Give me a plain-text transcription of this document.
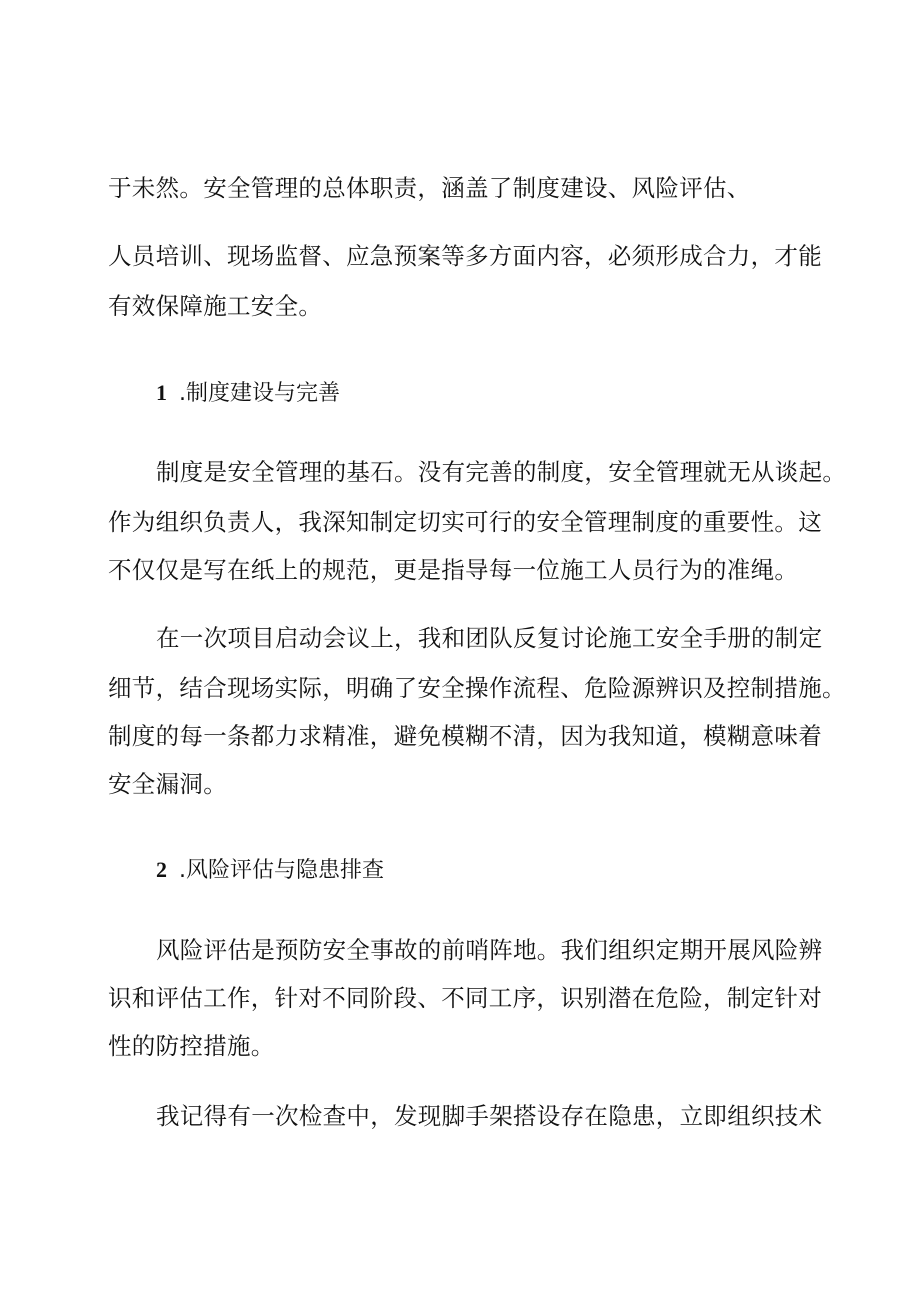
于未然。安全管理的总体职责，涵盖了制度建设、风险评估、
人员培训、现场监督、应急预案等多方面内容，必须形成合力，才能
有效保障施工安全。
1 .制度建设与完善
制度是安全管理的基石。没有完善的制度，安全管理就无从谈起。
作为组织负责人，我深知制定切实可行的安全管理制度的重要性。这
不仅仅是写在纸上的规范，更是指导每一位施工人员行为的准绳。
在一次项目启动会议上，我和团队反复讨论施工安全手册的制定
细节，结合现场实际，明确了安全操作流程、危险源辨识及控制措施。
制度的每一条都力求精准，避免模糊不清，因为我知道，模糊意味着
安全漏洞。
2 .风险评估与隐患排查
风险评估是预防安全事故的前哨阵地。我们组织定期开展风险辨
识和评估工作，针对不同阶段、不同工序，识别潜在危险，制定针对
性的防控措施。
我记得有一次检查中，发现脚手架搭设存在隐患，立即组织技术
